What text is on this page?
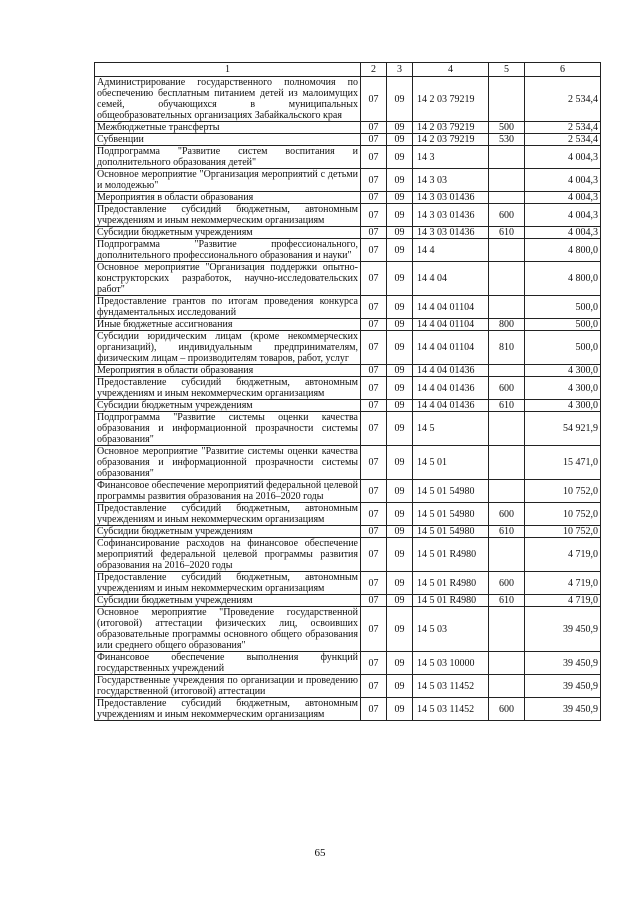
1	2	3	4	5	6
Администрирование государственного полномочия по обеспечению бесплатным питанием детей из малоимущих семей, обучающихся в муниципальных общеобразовательных организациях Забайкальского края	07	09	14 2 03 79219		2 534,4
Межбюджетные трансферты	07	09	14 2 03 79219	500	2 534,4
Субвенции	07	09	14 2 03 79219	530	2 534,4
Подпрограмма "Развитие систем воспитания и дополнительного образования детей"	07	09	14 3		4 004,3
Основное мероприятие "Организация мероприятий с детьми и молодежью"	07	09	14 3 03		4 004,3
Мероприятия в области образования	07	09	14 3 03 01436		4 004,3
Предоставление субсидий бюджетным, автономным учреждениям и иным некоммерческим организациям	07	09	14 3 03 01436	600	4 004,3
Субсидии бюджетным учреждениям	07	09	14 3 03 01436	610	4 004,3
Подпрограмма "Развитие профессионального, дополнительного профессионального образования и науки"	07	09	14 4		4 800,0
Основное мероприятие "Организация поддержки опытно-конструкторских разработок, научно-исследовательских работ"	07	09	14 4 04		4 800,0
Предоставление грантов по итогам проведения конкурса фундаментальных исследований	07	09	14 4 04 01104		500,0
Иные бюджетные ассигнования	07	09	14 4 04 01104	800	500,0
Субсидии юридическим лицам (кроме некоммерческих организаций), индивидуальным предпринимателям, физическим лицам – производителям товаров, работ, услуг	07	09	14 4 04 01104	810	500,0
Мероприятия в области образования	07	09	14 4 04 01436		4 300,0
Предоставление субсидий бюджетным, автономным учреждениям и иным некоммерческим организациям	07	09	14 4 04 01436	600	4 300,0
Субсидии бюджетным учреждениям	07	09	14 4 04 01436	610	4 300,0
Подпрограмма "Развитие системы оценки качества образования и информационной прозрачности системы образования"	07	09	14 5		54 921,9
Основное мероприятие "Развитие системы оценки качества образования и информационной прозрачности системы образования"	07	09	14 5 01		15 471,0
Финансовое обеспечение мероприятий федеральной целевой программы развития образования на 2016–2020 годы	07	09	14 5 01 54980		10 752,0
Предоставление субсидий бюджетным, автономным учреждениям и иным некоммерческим организациям	07	09	14 5 01 54980	600	10 752,0
Субсидии бюджетным учреждениям	07	09	14 5 01 54980	610	10 752,0
Софинансирование расходов на финансовое обеспечение мероприятий федеральной целевой программы развития образования на 2016–2020 годы	07	09	14 5 01 R4980		4 719,0
Предоставление субсидий бюджетным, автономным учреждениям и иным некоммерческим организациям	07	09	14 5 01 R4980	600	4 719,0
Субсидии бюджетным учреждениям	07	09	14 5 01 R4980	610	4 719,0
Основное мероприятие "Проведение государственной (итоговой) аттестации физических лиц, освоивших образовательные программы основного общего образования или среднего общего образования"	07	09	14 5 03		39 450,9
Финансовое обеспечение выполнения функций государственных учреждений	07	09	14 5 03 10000		39 450,9
Государственные учреждения по организации и проведению государственной (итоговой) аттестации	07	09	14 5 03 11452		39 450,9
Предоставление субсидий бюджетным, автономным учреждениям и иным некоммерческим организациям	07	09	14 5 03 11452	600	39 450,9
65
